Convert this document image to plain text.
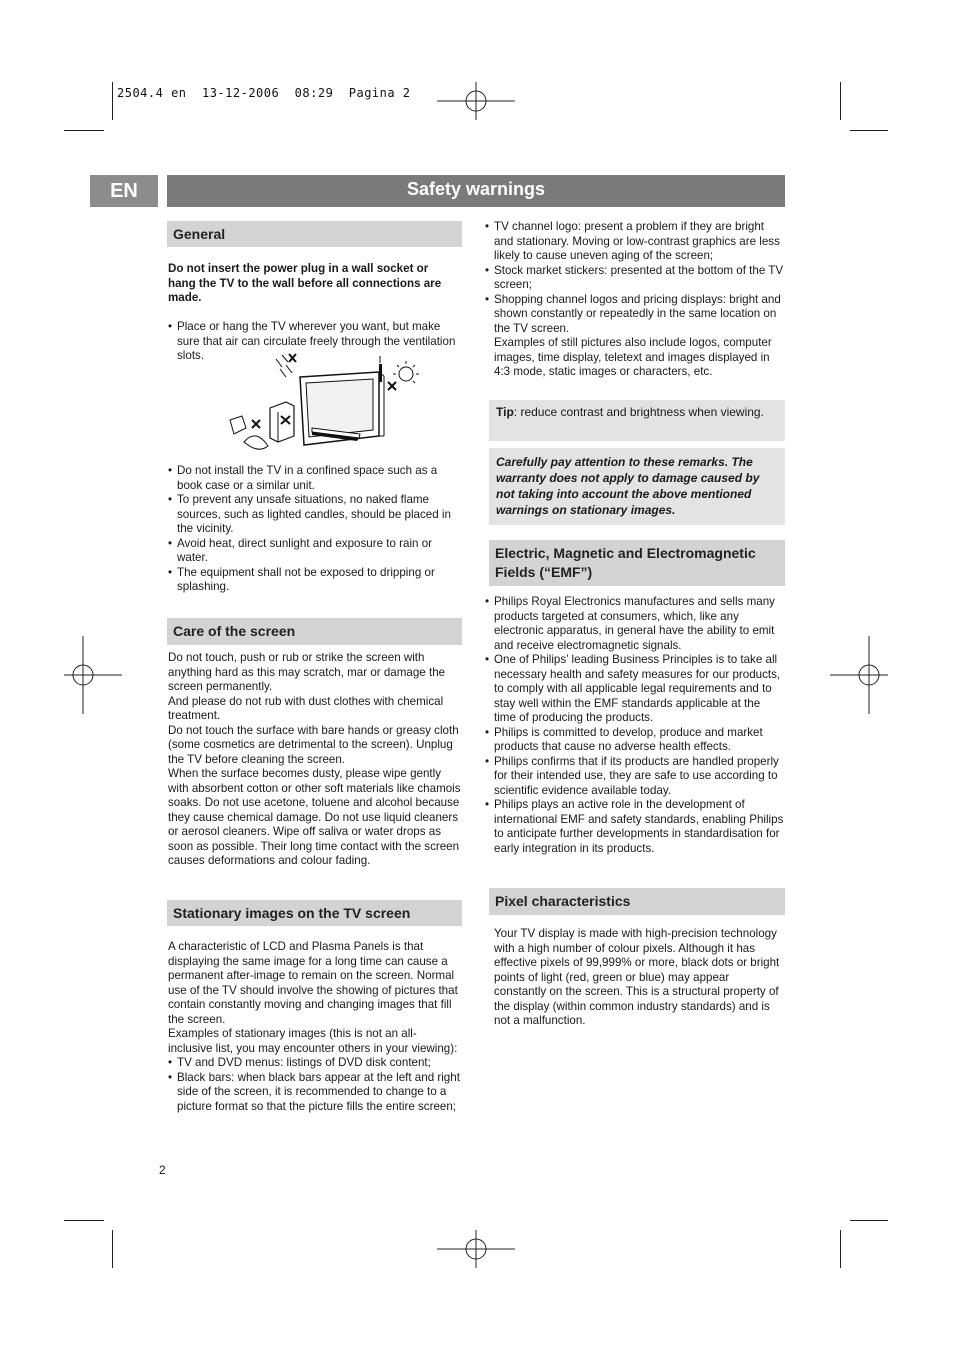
2504.4 en  13-12-2006  08:29  Pagina 2
EN	Safety warnings
General
Do not insert the power plug in a wall socket or hang the TV to the wall before all connections are made.
• Place or hang the TV wherever you want, but make sure that air can circulate freely through the ventilation slots.
• Do not install the TV in a confined space such as a book case or a similar unit.
• To prevent any unsafe situations, no naked flame sources, such as lighted candles, should be placed in the vicinity.
• Avoid heat, direct sunlight and exposure to rain or water.
• The equipment shall not be exposed to dripping or splashing.
Care of the screen

Do not touch, push or rub or strike the screen with anything hard as this may scratch, mar or damage the screen permanently.

And please do not rub with dust clothes with chemical treatment.

Do not touch the surface with bare hands or greasy cloth (some cosmetics are detrimental to the screen). Unplug the TV before cleaning the screen.

When the surface becomes dusty, please wipe gently with absorbent cotton or other soft materials like chamois soaks. Do not use acetone, toluene and alcohol because they cause chemical damage. Do not use liquid cleaners or aerosol cleaners. Wipe off saliva or water drops as soon as possible. Their long time contact with the screen causes deformations and colour fading.

Stationary images on the TV screen

A characteristic of LCD and Plasma Panels is that displaying the same image for a long time can cause a permanent after-image to remain on the screen. Normal use of the TV should involve the showing of pictures that contain constantly moving and changing images that fill the screen.

Examples of stationary images (this is not an all-inclusive list, you may encounter others in your viewing):

• TV and DVD menus: listings of DVD disk content;
• Black bars: when black bars appear at the left and right side of the screen, it is recommended to change to a picture format so that the picture fills the entire screen;
2
• TV channel logo: present a problem if they are bright and stationary. Moving or low-contrast graphics are less likely to cause uneven aging of the screen;
• Stock market stickers: presented at the bottom of the TV screen;
• Shopping channel logos and pricing displays: bright and shown constantly or repeatedly in the same location on the TV screen.

Examples of still pictures also include logos, computer images, time display, teletext and images displayed in 4:3 mode, static images or characters, etc.

Tip: reduce contrast and brightness when viewing.
Carefully pay attention to these remarks. The warranty does not apply to damage caused by not taking into account the above mentioned warnings on stationary images.
Electric, Magnetic and Electromagnetic Fields (“EMF”)
• Philips Royal Electronics manufactures and sells many products targeted at consumers, which, like any electronic apparatus, in general have the ability to emit and receive electromagnetic signals.
• One of Philips’ leading Business Principles is to take all necessary health and safety measures for our products, to comply with all applicable legal requirements and to stay well within the EMF standards applicable at the time of producing the products.
• Philips is committed to develop, produce and market products that cause no adverse health effects.
• Philips confirms that if its products are handled properly for their intended use, they are safe to use according to scientific evidence available today.
• Philips plays an active role in the development of international EMF and safety standards, enabling Philips to anticipate further developments in standardisation for early integration in its products.
Pixel characteristics
Your TV display is made with high-precision technology with a high number of colour pixels. Although it has effective pixels of 99,999% or more, black dots or bright points of light (red, green or blue) may appear constantly on the screen. This is a structural property of the display (within common industry standards) and is not a malfunction.
